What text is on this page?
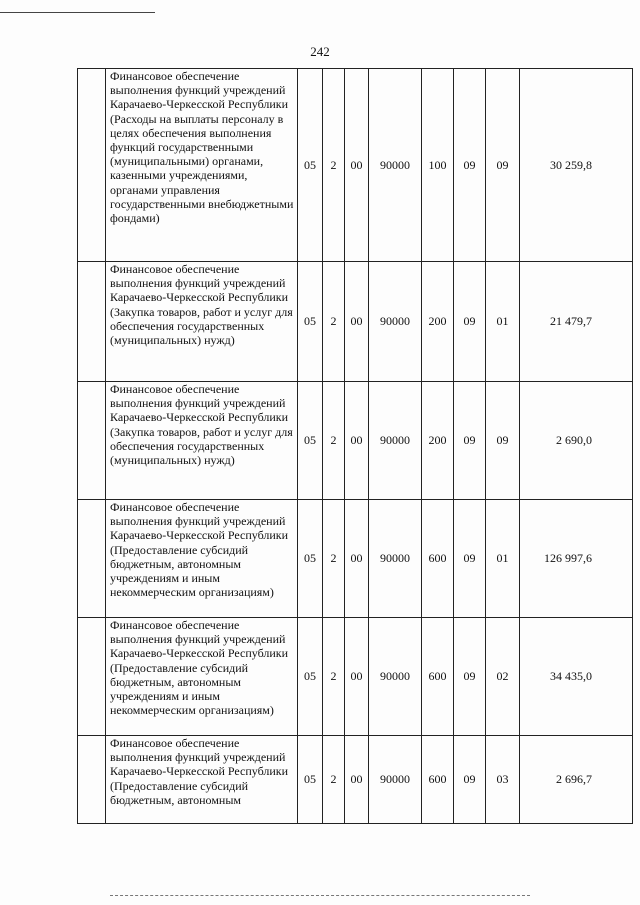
242
	Финансовое обеспечение выполнения функций учреждений Карачаево-Черкесской Республики (Расходы на выплаты персоналу в целях обеспечения выполнения функций государственными (муниципальными) органами, казенными учреждениями, органами управления государственными внебюджетными фондами)	05	2	00	90000	100	09	09	30 259,8
	Финансовое обеспечение выполнения функций учреждений Карачаево-Черкесской Республики (Закупка товаров, работ и услуг для обеспечения государственных (муниципальных) нужд)	05	2	00	90000	200	09	01	21 479,7
	Финансовое обеспечение выполнения функций учреждений Карачаево-Черкесской Республики (Закупка товаров, работ и услуг для обеспечения государственных (муниципальных) нужд)	05	2	00	90000	200	09	09	2 690,0
	Финансовое обеспечение выполнения функций учреждений Карачаево-Черкесской Республики (Предоставление субсидий бюджетным, автономным учреждениям и иным некоммерческим организациям)	05	2	00	90000	600	09	01	126 997,6
	Финансовое обеспечение выполнения функций учреждений Карачаево-Черкесской Республики (Предоставление субсидий бюджетным, автономным учреждениям и иным некоммерческим организациям)	05	2	00	90000	600	09	02	34 435,0
	Финансовое обеспечение выполнения функций учреждений Карачаево-Черкесской Республики (Предоставление субсидий бюджетным, автономным	05	2	00	90000	600	09	03	2 696,7
